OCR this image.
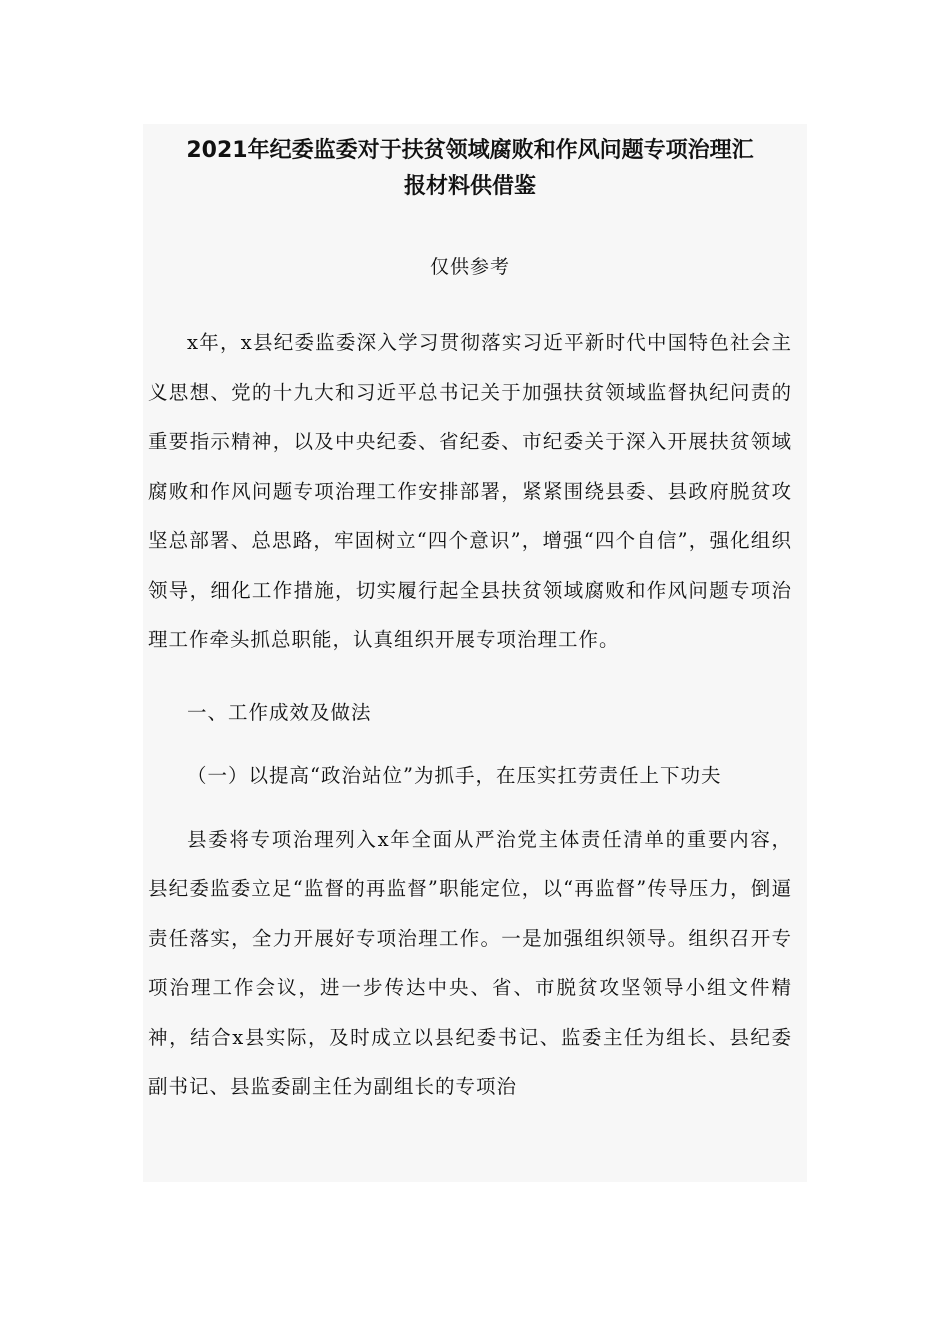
2021年纪委监委对于扶贫领域腐败和作风问题专项治理汇
报材料供借鉴

仅供参考

x年，x县纪委监委深入学习贯彻落实习近平新时代中国特色社会主义思想、党的十九大和习近平总书记关于加强扶贫领域监督执纪问责的重要指示精神，以及中央纪委、省纪委、市纪委关于深入开展扶贫领域腐败和作风问题专项治理工作安排部署，紧紧围绕县委、县政府脱贫攻坚总部署、总思路，牢固树立“四个意识”，增强“四个自信”，强化组织领导，细化工作措施，切实履行起全县扶贫领域腐败和作风问题专项治理工作牵头抓总职能，认真组织开展专项治理工作。

一、工作成效及做法

（一）以提高“政治站位”为抓手，在压实扛劳责任上下功夫

县委将专项治理列入x年全面从严治党主体责任清单的重要内容，县纪委监委立足“监督的再监督”职能定位，以“再监督”传导压力，倒逼责任落实，全力开展好专项治理工作。一是加强组织领导。组织召开专项治理工作会议，进一步传达中央、省、市脱贫攻坚领导小组文件精神，结合x县实际，及时成立以县纪委书记、监委主任为组长、县纪委副书记、县监委副主任为副组长的专项治
